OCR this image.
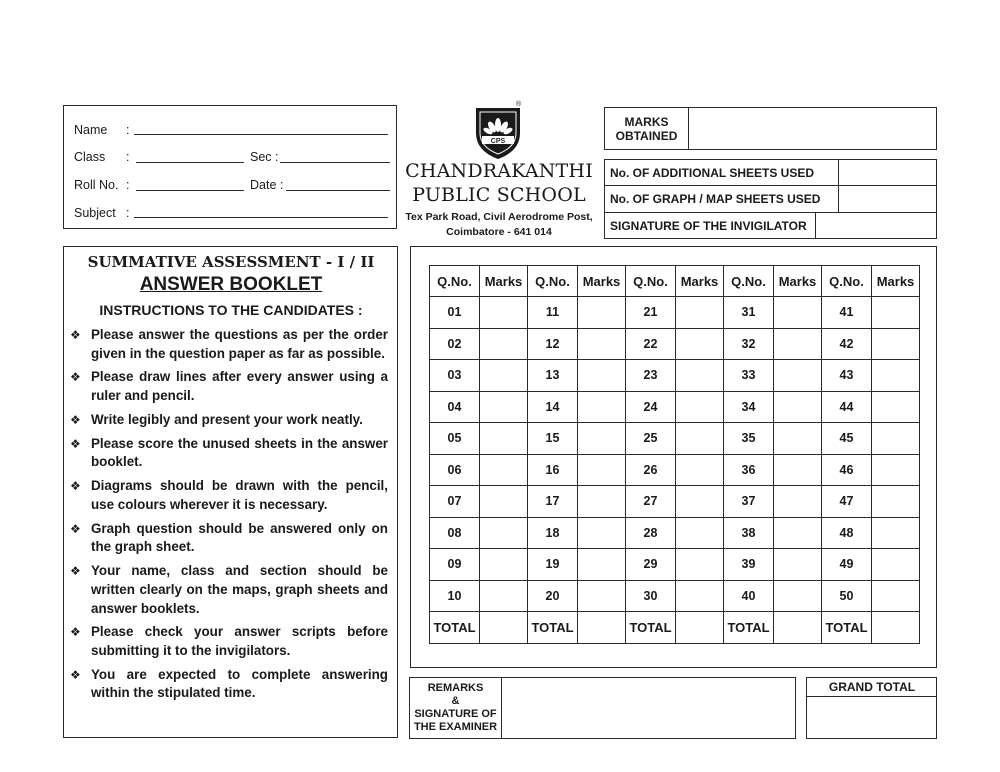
Name :
Class :	Sec :
Roll No. :	Date :
Subject :
CPS
®
CHANDRAKANTHI
PUBLIC SCHOOL
Tex Park Road, Civil Aerodrome Post,
Coimbatore - 641 014
MARKS
OBTAINED
No. OF ADDITIONAL SHEETS USED
No. OF GRAPH / MAP SHEETS USED
SIGNATURE OF THE INVIGILATOR
SUMMATIVE ASSESSMENT - I / II
ANSWER BOOKLET
INSTRUCTIONS TO THE CANDIDATES :
❖ Please answer the questions as per the order given in the question paper as far as possible.
❖ Please draw lines after every answer using a ruler and pencil.
❖ Write legibly and present your work neatly.
❖ Please score the unused sheets in the answer booklet.
❖ Diagrams should be drawn with the pencil, use colours wherever it is necessary.
❖ Graph question should be answered only on the graph sheet.
❖ Your name, class and section should be written clearly on the maps, graph sheets and answer booklets.
❖ Please check your answer scripts before submitting it to the invigilators.
❖ You are expected to complete answering within the stipulated time.
Q.No.	Marks	Q.No.	Marks	Q.No.	Marks	Q.No.	Marks	Q.No.	Marks
01		11		21		31		41	
02		12		22		32		42	
03		13		23		33		43	
04		14		24		34		44	
05		15		25		35		45	
06		16		26		36		46	
07		17		27		37		47	
08		18		28		38		48	
09		19		29		39		49	
10		20		30		40		50	
TOTAL		TOTAL		TOTAL		TOTAL		TOTAL	
REMARKS
&
SIGNATURE OF
THE EXAMINER
GRAND TOTAL
